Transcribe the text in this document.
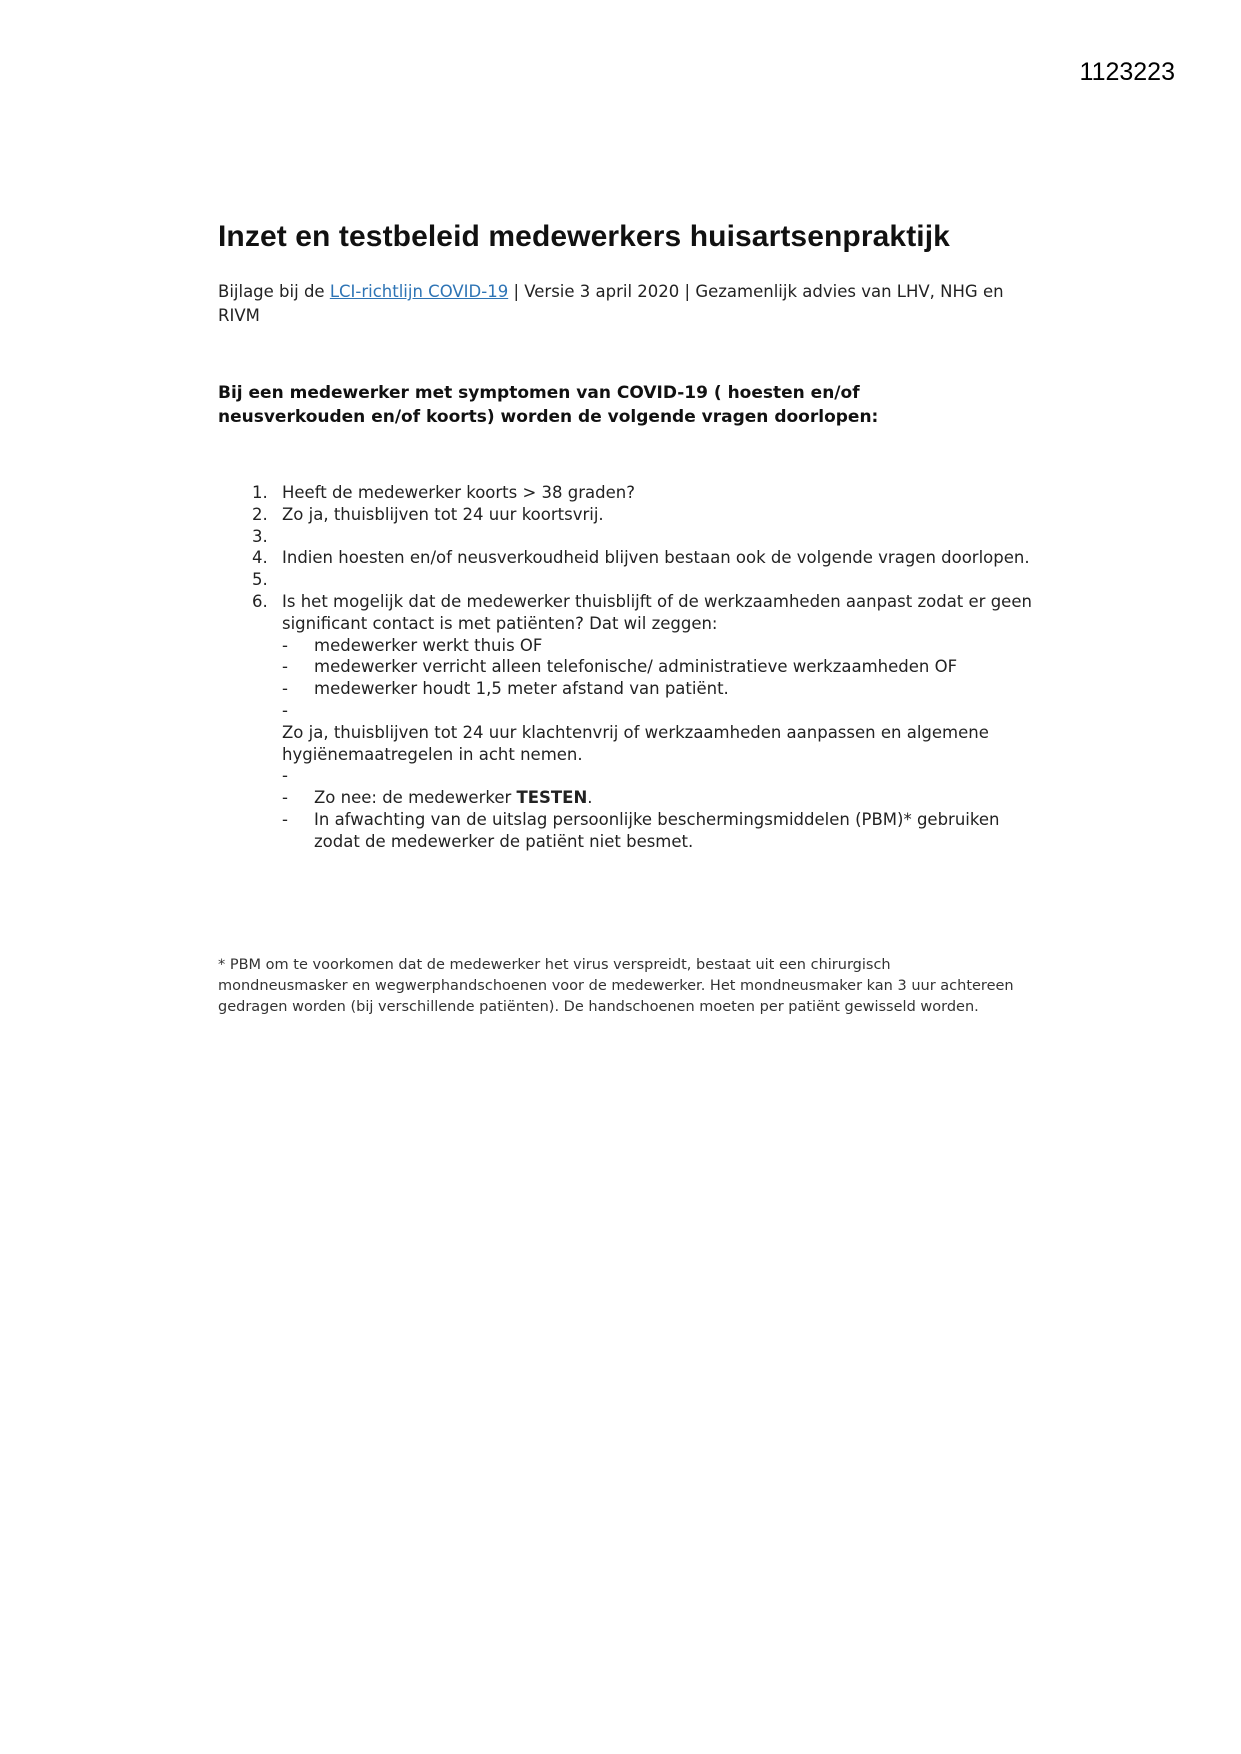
1123223
Inzet en testbeleid medewerkers huisartsenpraktijk

Bijlage bij de LCI-richtlijn COVID-19 | Versie 3 april 2020 | Gezamenlijk advies van LHV, NHG en RIVM

Bij een medewerker met symptomen van COVID-19 ( hoesten en/of neusverkouden en/of koorts) worden de volgende vragen doorlopen:

1. Heeft de medewerker koorts > 38 graden?
2. Zo ja, thuisblijven tot 24 uur koortsvrij.
3.
4. Indien hoesten en/of neusverkoudheid blijven bestaan ook de volgende vragen doorlopen.
5.
6. Is het mogelijk dat de medewerker thuisblijft of de werkzaamheden aanpast zodat er geen significant contact is met patiënten? Dat wil zeggen:
-	medewerker werkt thuis OF
-	medewerker verricht alleen telefonische/ administratieve werkzaamheden OF
-	medewerker houdt 1,5 meter afstand van patiënt.
-
Zo ja, thuisblijven tot 24 uur klachtenvrij of werkzaamheden aanpassen en algemene hygiënemaatregelen in acht nemen.
-
-	Zo nee: de medewerker TESTEN.
-	In afwachting van de uitslag persoonlijke beschermingsmiddelen (PBM)* gebruiken zodat de medewerker de patiënt niet besmet.

* PBM om te voorkomen dat de medewerker het virus verspreidt, bestaat uit een chirurgisch mondneusmasker en wegwerphandschoenen voor de medewerker. Het mondneusmaker kan 3 uur achtereen gedragen worden (bij verschillende patiënten). De handschoenen moeten per patiënt gewisseld worden.
